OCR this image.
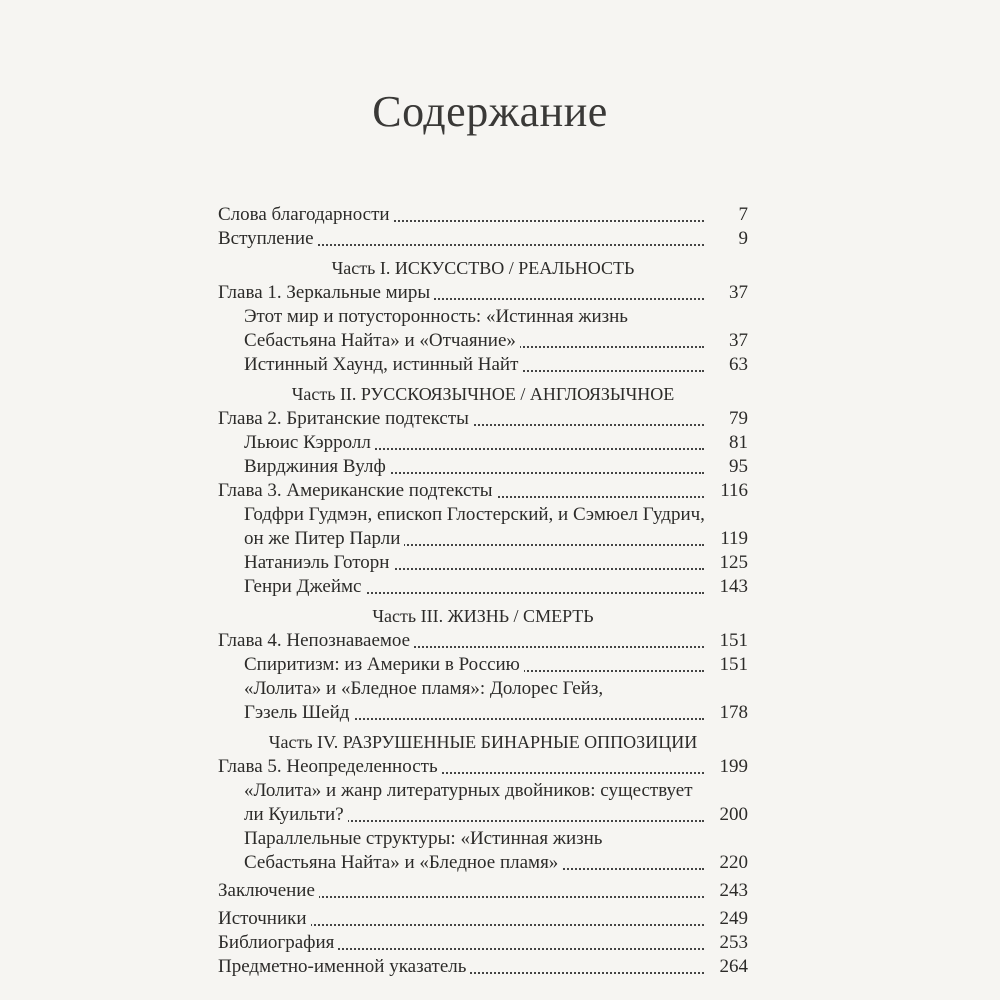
Содержание
Слова благодарности	7
Вступление	9
Часть I. ИСКУССТВО / РЕАЛЬНОСТЬ
Глава 1. Зеркальные миры	37
Этот мир и потусторонность: «Истинная жизнь
Себастьяна Найта» и «Отчаяние»	37
Истинный Хаунд, истинный Найт	63
Часть II. РУССКОЯЗЫЧНОЕ / АНГЛОЯЗЫЧНОЕ
Глава 2. Британские подтексты	79
Льюис Кэрролл	81
Вирджиния Вулф	95
Глава 3. Американские подтексты	116
Годфри Гудмэн, епископ Глостерский, и Сэмюел Гудрич,
он же Питер Парли	119
Натаниэль Готорн	125
Генри Джеймс	143
Часть III. ЖИЗНЬ / СМЕРТЬ
Глава 4. Непознаваемое	151
Спиритизм: из Америки в Россию	151
«Лолита» и «Бледное пламя»: Долорес Гейз,
Гэзель Шейд	178
Часть IV. РАЗРУШЕННЫЕ БИНАРНЫЕ ОППОЗИЦИИ
Глава 5. Неопределенность	199
«Лолита» и жанр литературных двойников: существует
ли Куильти?	200
Параллельные структуры: «Истинная жизнь
Себастьяна Найта» и «Бледное пламя»	220
Заключение	243
Источники	249
Библиография	253
Предметно-именной указатель	264
